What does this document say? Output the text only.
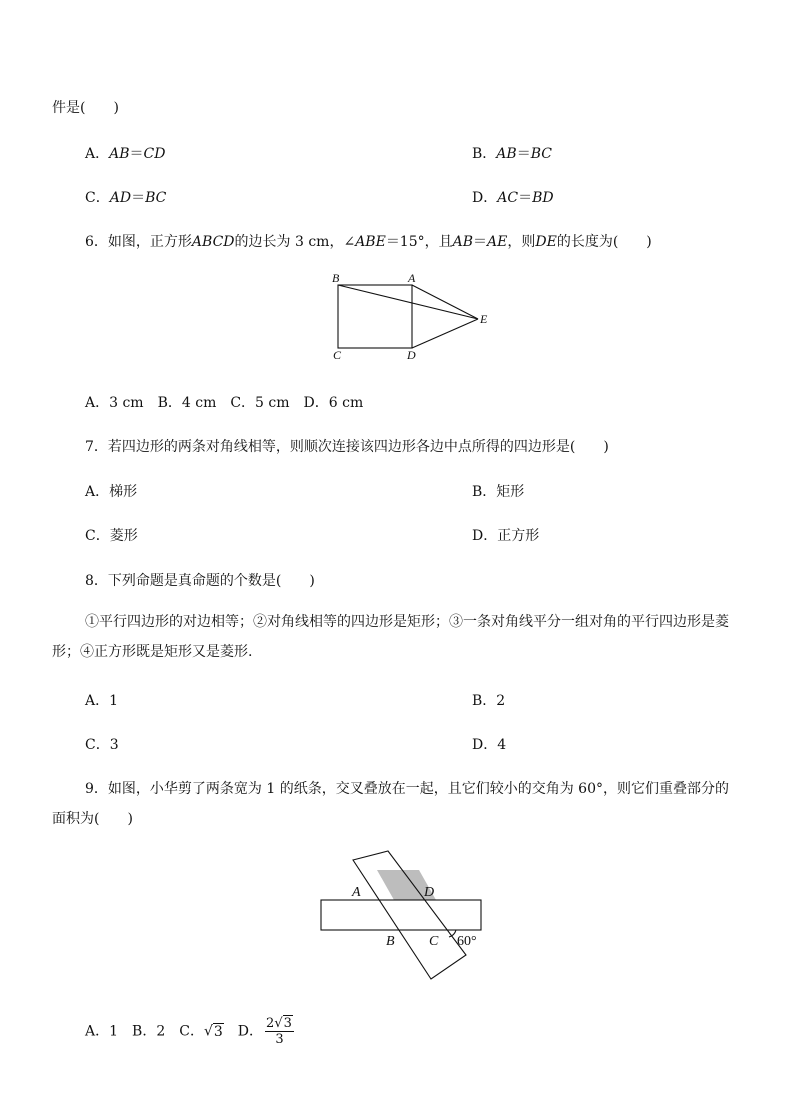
件是(　　)
A．AB＝CD	B．AB＝BC
C．AD＝BC	D．AC＝BD
6．如图，正方形ABCD的边长为 3 cm，∠ABE＝15°，且AB＝AE，则DE的长度为(　　)
B	A
E
C	D
A．3 cm　B．4 cm　C．5 cm　D．6 cm
7．若四边形的两条对角线相等，则顺次连接该四边形各边中点所得的四边形是(　　)
A．梯形	B．矩形
C．菱形	D．正方形
8．下列命题是真命题的个数是(　　)
①平行四边形的对边相等；②对角线相等的四边形是矩形；③一条对角线平分一组对角的平行四边形是菱形；④正方形既是矩形又是菱形.
A．1	B．2
C．3	D．4
9．如图，小华剪了两条宽为 1 的纸条，交叉叠放在一起，且它们较小的交角为 60°，则它们重叠部分的面积为(　　)
A	D
B C 60°
A．1　 B．2　 C．√3　 D． $\frac{2√3}{3}$
